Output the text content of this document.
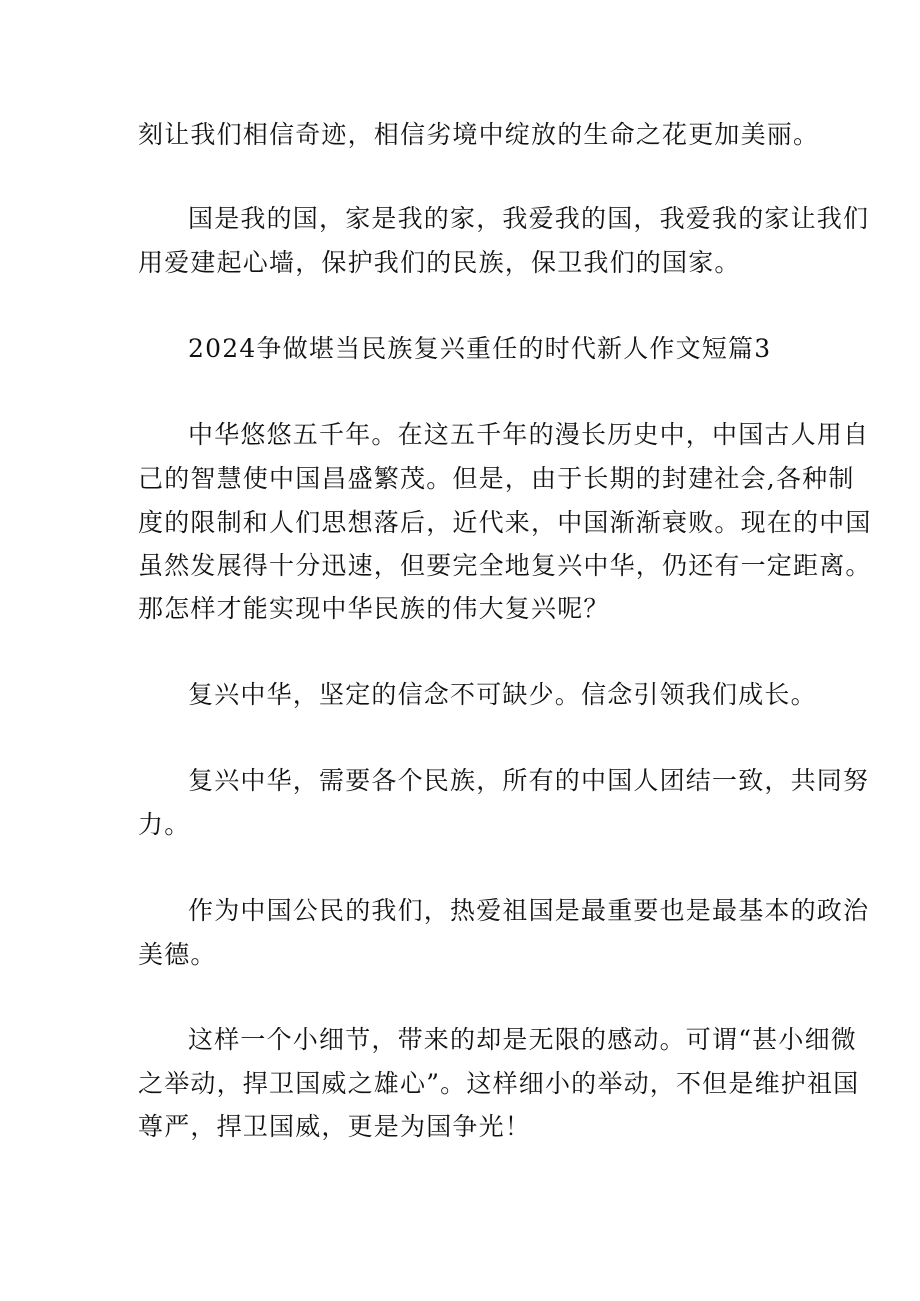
刻让我们相信奇迹，相信劣境中绽放的生命之花更加美丽。
国是我的国，家是我的家，我爱我的国，我爱我的家让我们
用爱建起心墙，保护我们的民族，保卫我们的国家。
2024争做堪当民族复兴重任的时代新人作文短篇3
中华悠悠五千年。在这五千年的漫长历史中，中国古人用自
己的智慧使中国昌盛繁茂。但是，由于长期的封建社会,各种制
度的限制和人们思想落后，近代来，中国渐渐衰败。现在的中国
虽然发展得十分迅速，但要完全地复兴中华，仍还有一定距离。
那怎样才能实现中华民族的伟大复兴呢？
复兴中华，坚定的信念不可缺少。信念引领我们成长。
复兴中华，需要各个民族，所有的中国人团结一致，共同努
力。
作为中国公民的我们，热爱祖国是最重要也是最基本的政治
美德。
这样一个小细节，带来的却是无限的感动。可谓“甚小细微
之举动，捍卫国威之雄心”。这样细小的举动，不但是维护祖国
尊严，捍卫国威，更是为国争光！
